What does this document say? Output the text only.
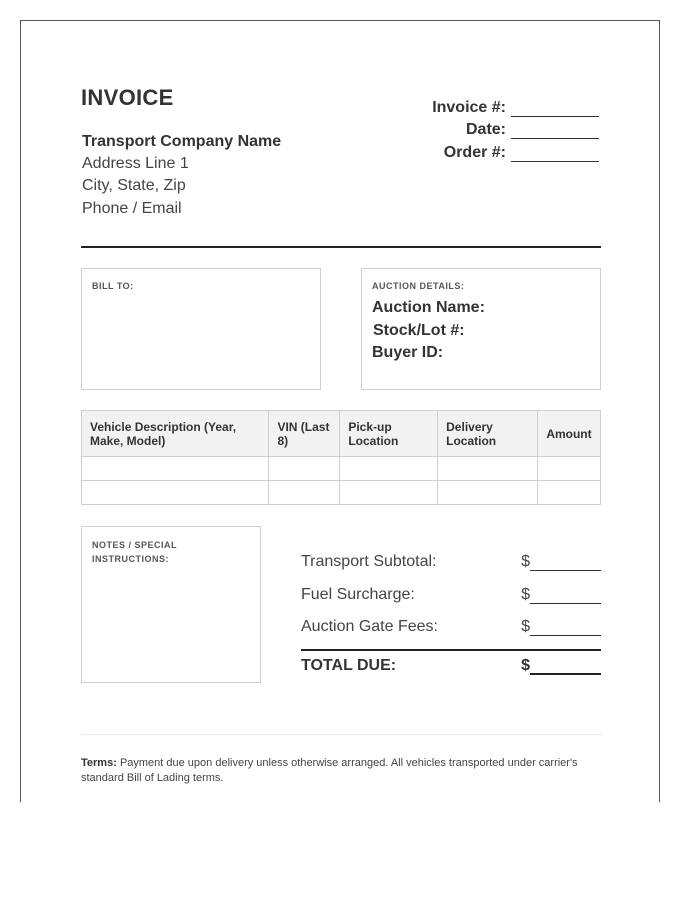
INVOICE
Transport Company Name
Address Line 1
City, State, Zip
Phone / Email
Invoice #:
Date:
Order #:
BILL TO:	AUCTION DETAILS:
Auction Name:
Stock/Lot #:
Buyer ID:
Vehicle Description (Year, Make, Model)	VIN (Last 8)	Pick-up Location	Delivery Location	Amount

NOTES / SPECIAL
INSTRUCTIONS:	Transport Subtotal:	$
Fuel Surcharge:	$
Auction Gate Fees:	$
TOTAL DUE:	$
Terms: Payment due upon delivery unless otherwise arranged. All vehicles transported under carrier's standard Bill of Lading terms.
